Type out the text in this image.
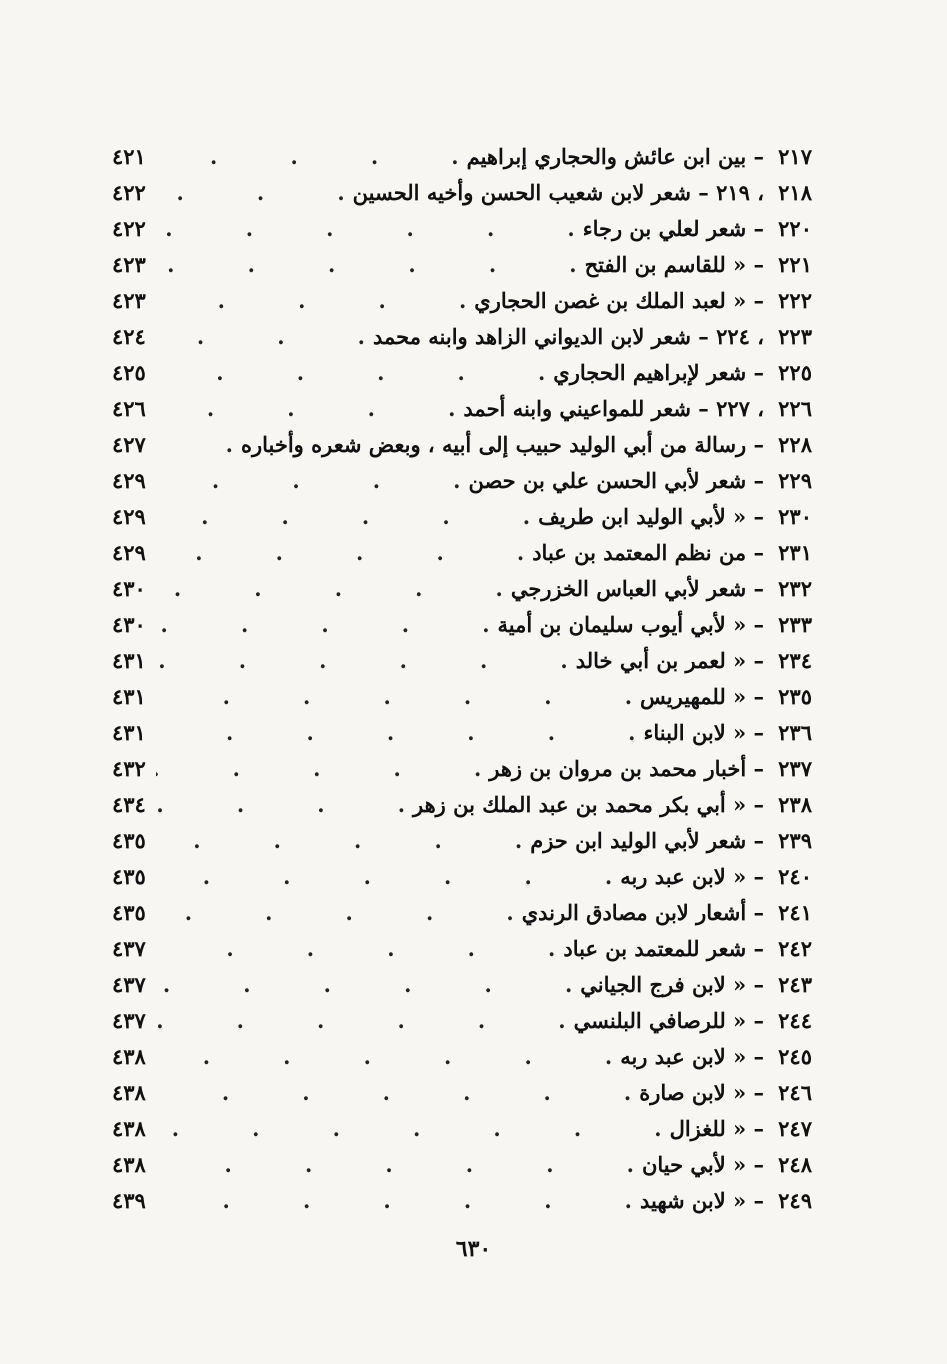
٢١٧
– بين ابن عائش والحجاري إبراهيم
.
٤٢١
٢١٨
، ٢١٩ – شعر لابن شعيب الحسن وأخيه الحسين
.
٤٢٢
٢٢٠
– شعر لعلي بن رجاء
.
٤٢٢
٢٢١
– « للقاسم بن الفتح
.
٤٢٣
٢٢٢
– « لعبد الملك بن غصن الحجاري
.
٤٢٣
٢٢٣
، ٢٢٤ – شعر لابن الديواني الزاهد وابنه محمد
.
٤٢٤
٢٢٥
– شعر لإبراهيم الحجاري
.
٤٢٥
٢٢٦
، ٢٢٧ – شعر للمواعيني وابنه أحمد
.
٤٢٦
٢٢٨
– رسالة من أبي الوليد حبيب إلى أبيه ، وبعض شعره وأخباره
.
٤٢٧
٢٢٩
– شعر لأبي الحسن علي بن حصن
.
٤٢٩
٢٣٠
– « لأبي الوليد ابن طريف
.
٤٢٩
٢٣١
– من نظم المعتمد بن عباد
.
٤٢٩
٢٣٢
– شعر لأبي العباس الخزرجي
.
٤٣٠
٢٣٣
– « لأبي أيوب سليمان بن أمية
.
٤٣٠
٢٣٤
– « لعمر بن أبي خالد
.
٤٣١
٢٣٥
– « للمهيريس
.
٤٣١
٢٣٦
– « لابن البناء
.
٤٣١
٢٣٧
– أخبار محمد بن مروان بن زهر
.
٤٣٢
٢٣٨
– « أبي بكر محمد بن عبد الملك بن زهر
.
٤٣٤
٢٣٩
– شعر لأبي الوليد ابن حزم
.
٤٣٥
٢٤٠
– « لابن عبد ربه
.
٤٣٥
٢٤١
– أشعار لابن مصادق الرندي
.
٤٣٥
٢٤٢
– شعر للمعتمد بن عباد
.
٤٣٧
٢٤٣
– « لابن فرج الجياني
.
٤٣٧
٢٤٤
– « للرصافي البلنسي
.
٤٣٧
٢٤٥
– « لابن عبد ربه
.
٤٣٨
٢٤٦
– « لابن صارة
.
٤٣٨
٢٤٧
– « للغزال
.
٤٣٨
٢٤٨
– « لأبي حيان
.
٤٣٨
٢٤٩
– « لابن شهيد
.
٤٣٩
٦٣٠
